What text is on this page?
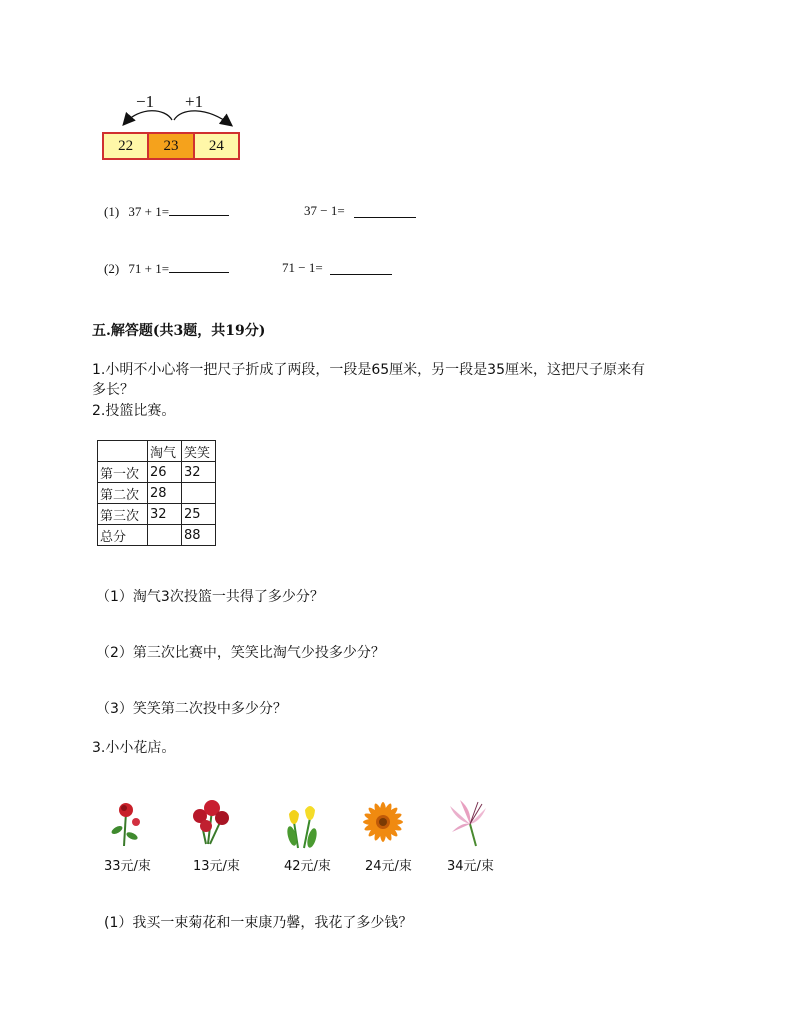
−1 +1
22	23	24
(1) 37 + 1=	37 − 1=
(2) 71 + 1=	71 − 1=
五.解答题(共3题，共19分)
1.小明不小心将一把尺子折成了两段，一段是65厘米，另一段是35厘米，这把尺子原来有
多长？
2.投篮比赛。
	淘气	笑笑
第一次	26	32
第二次	28	
第三次	32	25
总分		88
（1）淘气3次投篮一共得了多少分？
（2）第三次比赛中，笑笑比淘气少投多少分？
（3）笑笑第二次投中多少分？
3.小小花店。
33元/束	13元/束	42元/束	24元/束	34元/束
(1）我买一束菊花和一束康乃馨，我花了多少钱？
